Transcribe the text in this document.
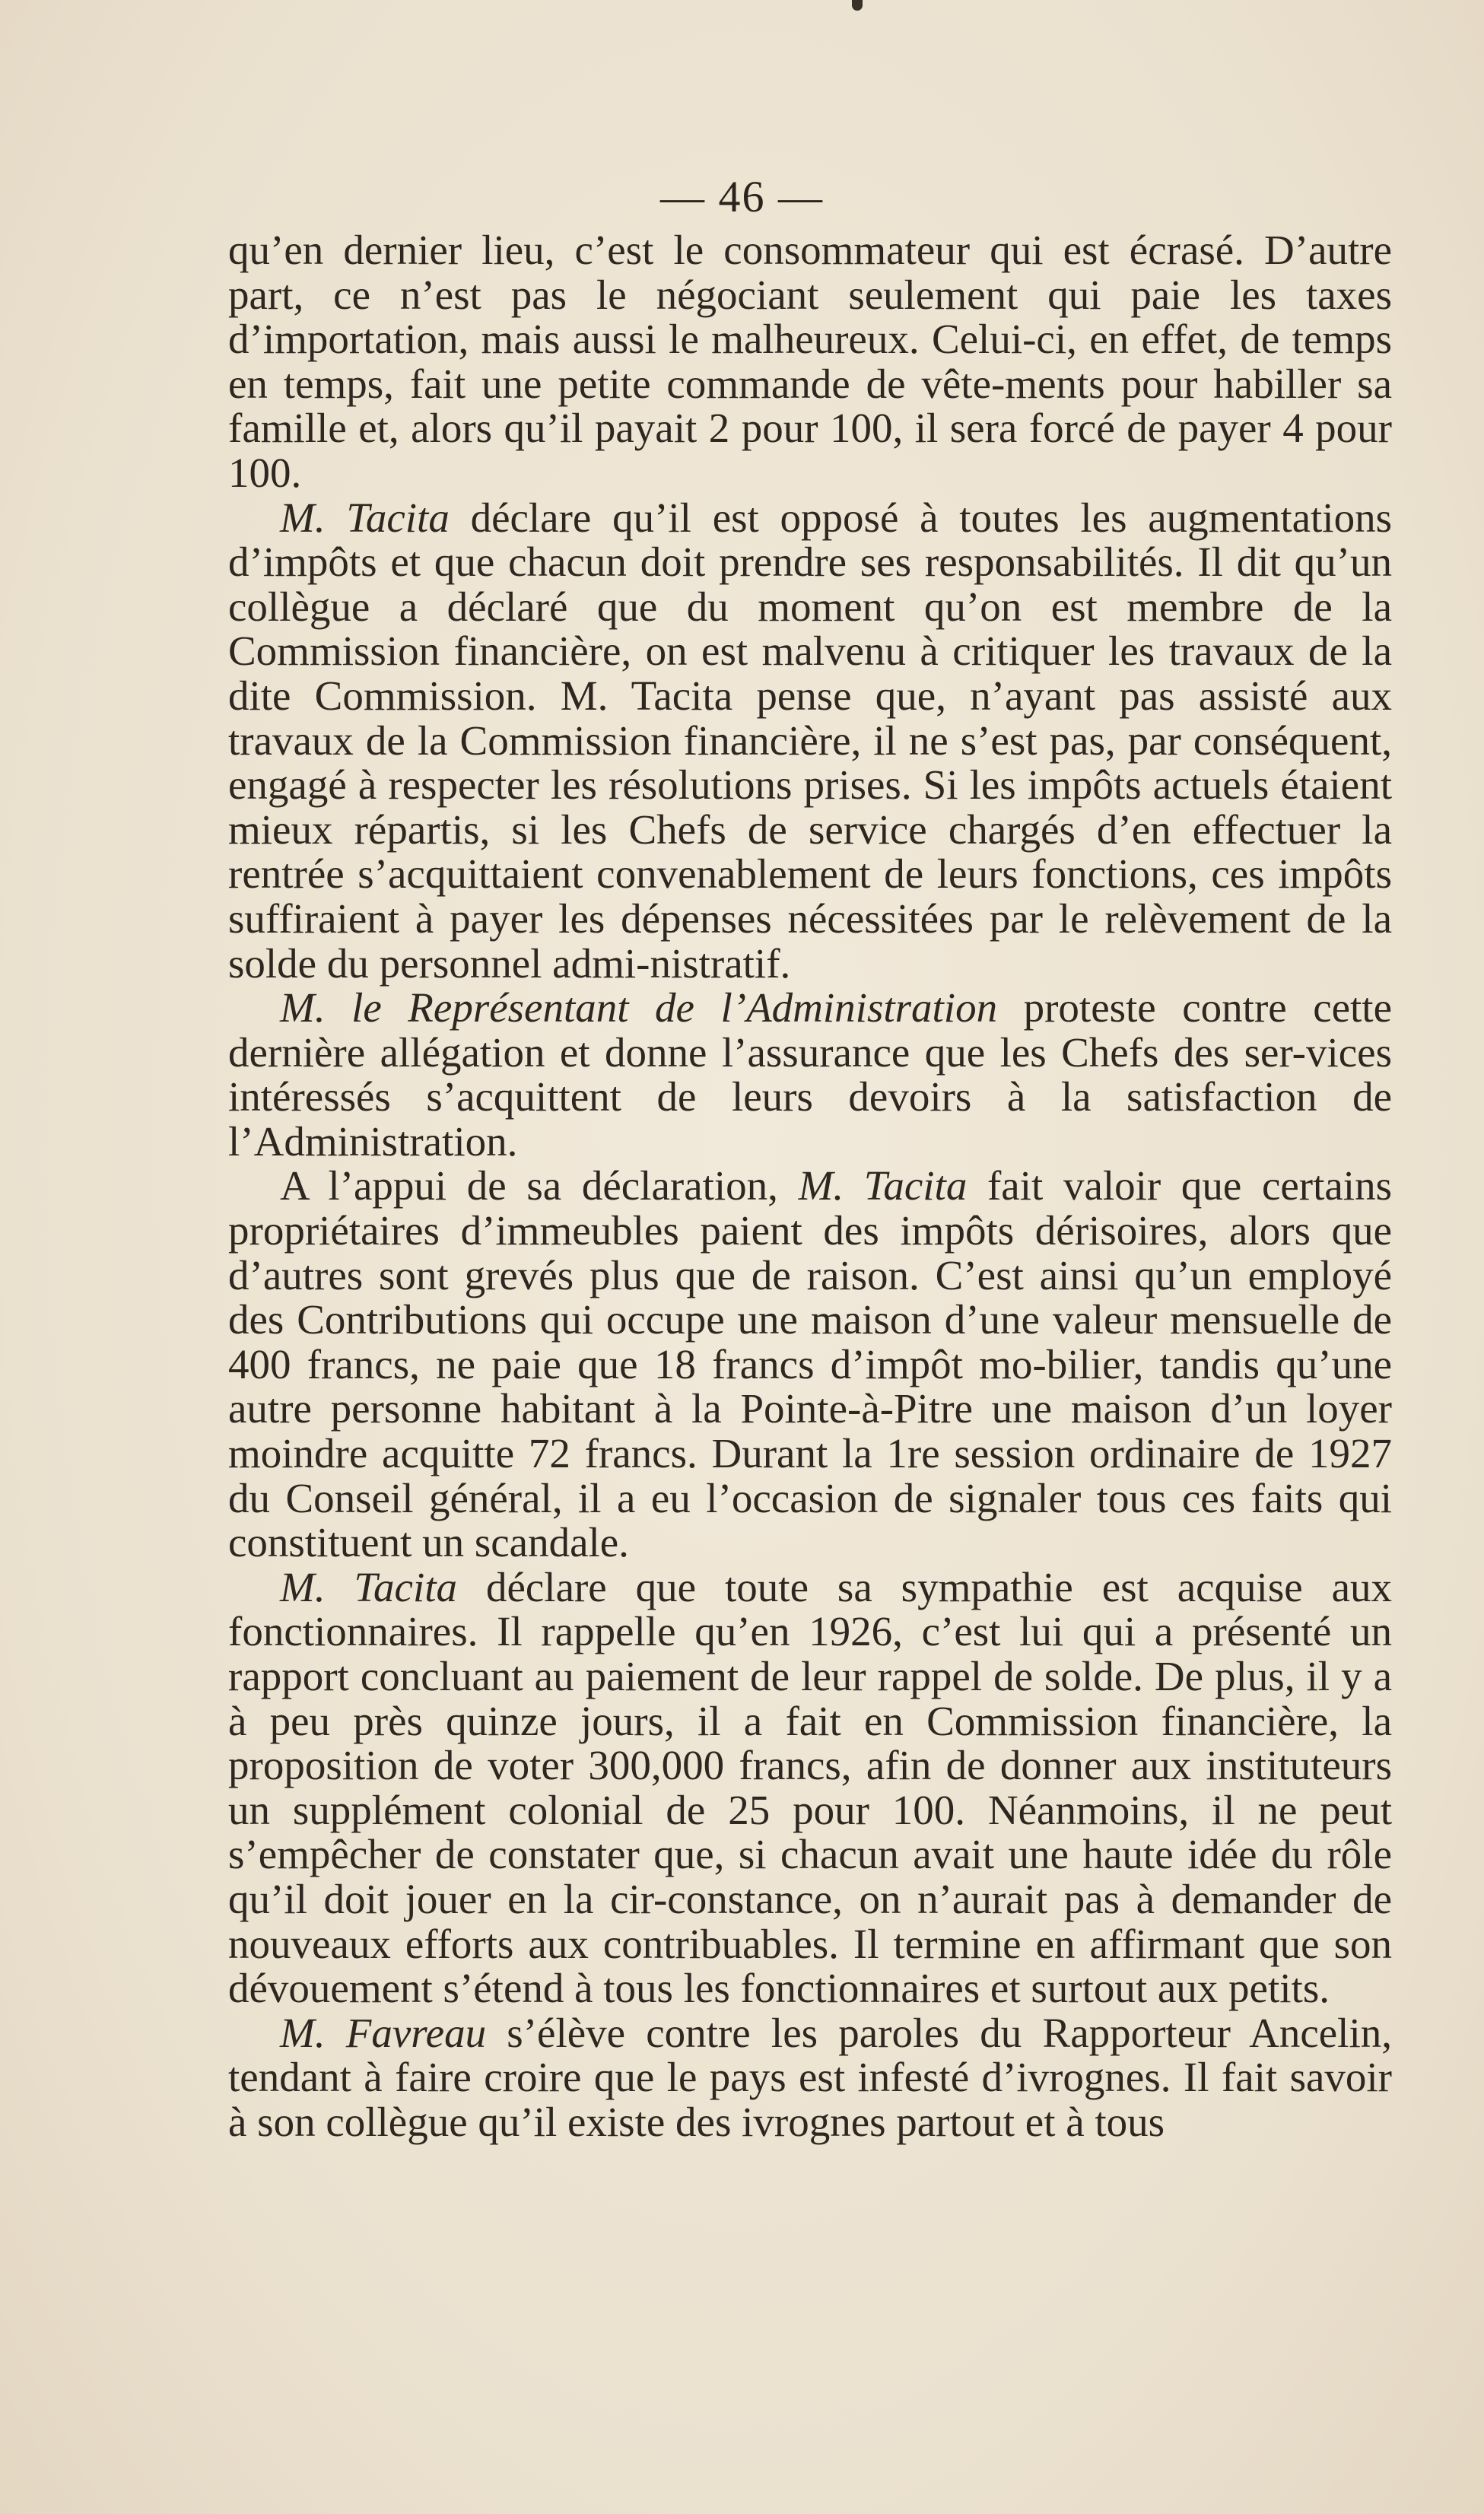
— 46 —

qu’en dernier lieu, c’est le consommateur qui est écrasé. D’autre part, ce n’est pas le négociant seulement qui paie les taxes d’importation, mais aussi le malheureux. Celui-ci, en effet, de temps en temps, fait une petite commande de vête-ments pour habiller sa famille et, alors qu’il payait 2 pour 100, il sera forcé de payer 4 pour 100.

M. Tacita déclare qu’il est opposé à toutes les augmentations d’impôts et que chacun doit prendre ses responsabilités. Il dit qu’un collègue a déclaré que du moment qu’on est membre de la Commission financière, on est malvenu à critiquer les travaux de la dite Commission. M. Tacita pense que, n’ayant pas assisté aux travaux de la Commission financière, il ne s’est pas, par conséquent, engagé à respecter les résolutions prises. Si les impôts actuels étaient mieux répartis, si les Chefs de service chargés d’en effectuer la rentrée s’acquittaient convenablement de leurs fonctions, ces impôts suffiraient à payer les dépenses nécessitées par le relèvement de la solde du personnel admi-nistratif.

M. le Représentant de l’Administration proteste contre cette dernière allégation et donne l’assurance que les Chefs des ser-vices intéressés s’acquittent de leurs devoirs à la satisfaction de l’Administration.

A l’appui de sa déclaration, M. Tacita fait valoir que certains propriétaires d’immeubles paient des impôts dérisoires, alors que d’autres sont grevés plus que de raison. C’est ainsi qu’un employé des Contributions qui occupe une maison d’une valeur mensuelle de 400 francs, ne paie que 18 francs d’impôt mo-bilier, tandis qu’une autre personne habitant à la Pointe-à-Pitre une maison d’un loyer moindre acquitte 72 francs. Durant la 1re session ordinaire de 1927 du Conseil général, il a eu l’occasion de signaler tous ces faits qui constituent un scandale.

M. Tacita déclare que toute sa sympathie est acquise aux fonctionnaires. Il rappelle qu’en 1926, c’est lui qui a présenté un rapport concluant au paiement de leur rappel de solde. De plus, il y a à peu près quinze jours, il a fait en Commission financière, la proposition de voter 300,000 francs, afin de donner aux instituteurs un supplément colonial de 25 pour 100. Néanmoins, il ne peut s’empêcher de constater que, si chacun avait une haute idée du rôle qu’il doit jouer en la cir-constance, on n’aurait pas à demander de nouveaux efforts aux contribuables. Il termine en affirmant que son dévouement s’étend à tous les fonctionnaires et surtout aux petits.

M. Favreau s’élève contre les paroles du Rapporteur Ancelin, tendant à faire croire que le pays est infesté d’ivrognes. Il fait savoir à son collègue qu’il existe des ivrognes partout et à tous
